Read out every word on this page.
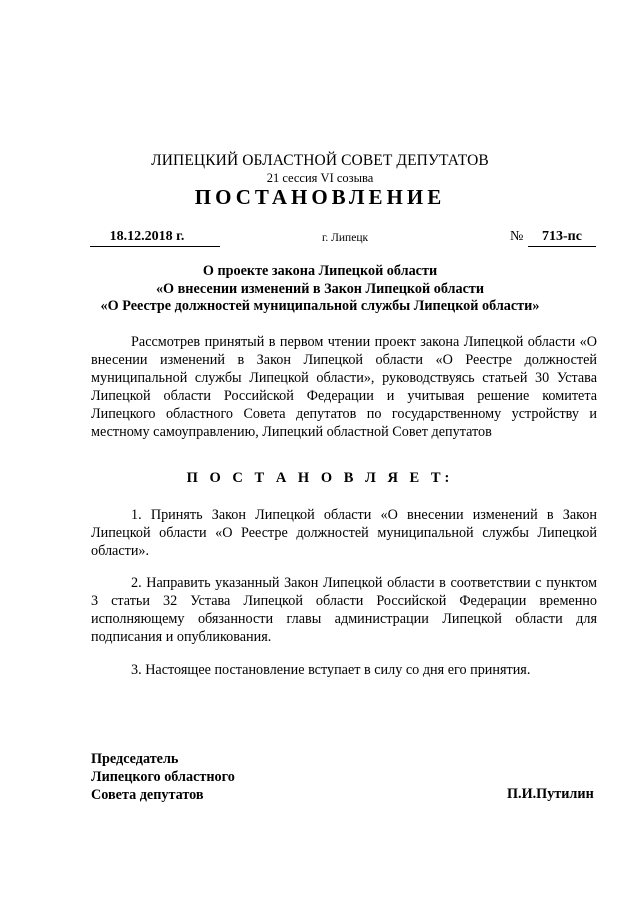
ЛИПЕЦКИЙ ОБЛАСТНОЙ СОВЕТ ДЕПУТАТОВ
21 сессия VI созыва
ПОСТАНОВЛЕНИЕ
18.12.2018 г.	г. Липецк	№	713-пс
О проекте закона Липецкой области
«О внесении изменений в Закон Липецкой области
«О Реестре должностей муниципальной службы Липецкой области»
Рассмотрев принятый в первом чтении проект закона Липецкой области «О внесении изменений в Закон Липецкой области «О Реестре должностей муниципальной службы Липецкой области», руководствуясь статьей 30 Устава Липецкой области Российской Федерации и учитывая решение комитета Липецкого областного Совета депутатов по государственному устройству и местному самоуправлению, Липецкий областной Совет депутатов
П О С Т А Н О В Л Я Е Т:
1. Принять Закон Липецкой области «О внесении изменений в Закон Липецкой области «О Реестре должностей муниципальной службы Липецкой области».
2. Направить указанный Закон Липецкой области в соответствии с пунктом 3 статьи 32 Устава Липецкой области Российской Федерации временно исполняющему обязанности главы администрации Липецкой области для подписания и опубликования.
3. Настоящее постановление вступает в силу со дня его принятия.
Председатель
Липецкого областного
Совета депутатов	П.И.Путилин
